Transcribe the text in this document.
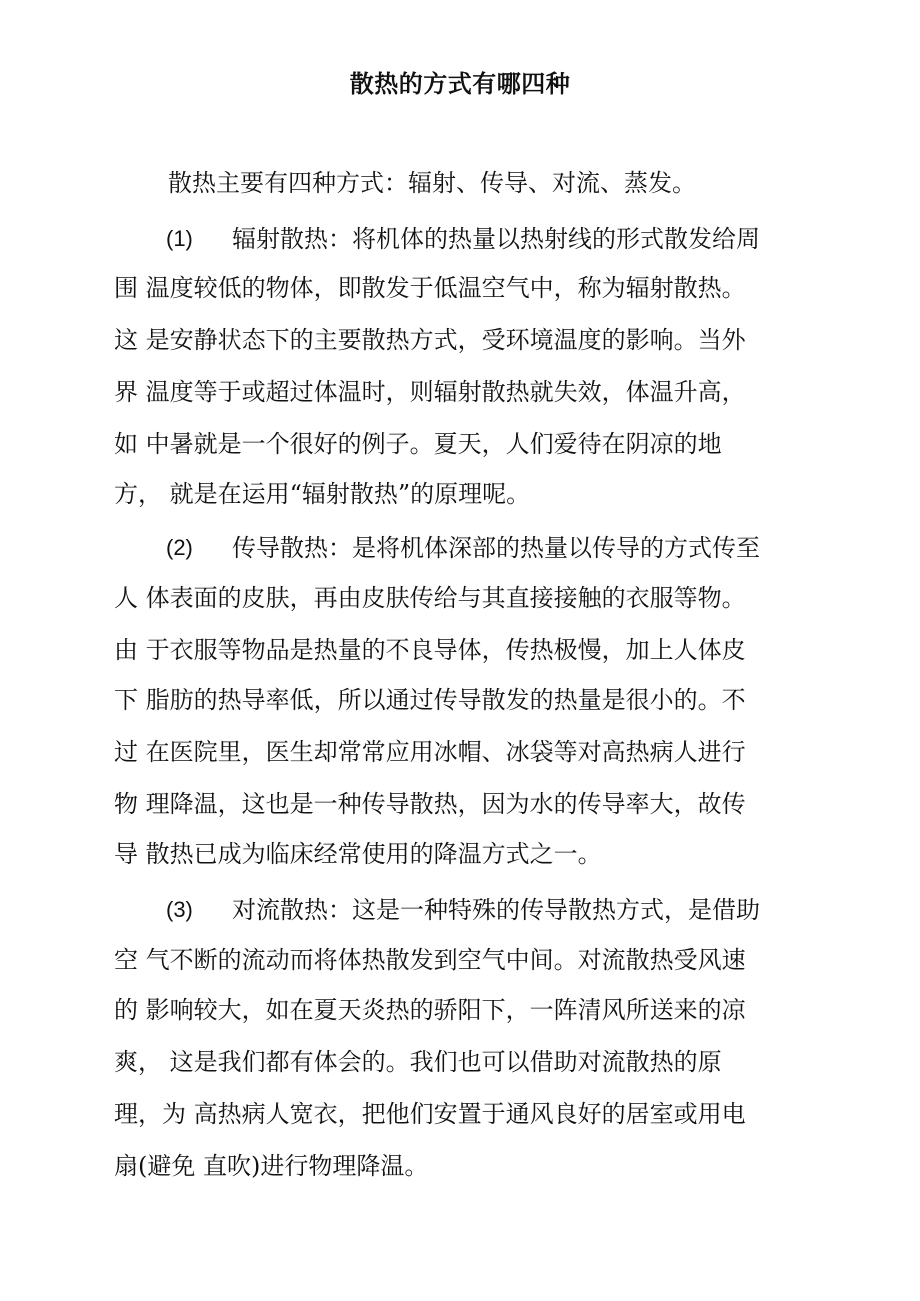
散热的方式有哪四种
散热主要有四种方式：辐射、传导、对流、蒸发。
(1) 辐射散热：将机体的热量以热射线的形式散发给周
围 温度较低的物体，即散发于低温空气中，称为辐射散热。
这 是安静状态下的主要散热方式，受环境温度的影响。当外
界 温度等于或超过体温时，则辐射散热就失效，体温升高，
如 中暑就是一个很好的例子。夏天，人们爱待在阴凉的地
方， 就是在运用“辐射散热”的原理呢。
(2) 传导散热：是将机体深部的热量以传导的方式传至
人 体表面的皮肤，再由皮肤传给与其直接接触的衣服等物。
由 于衣服等物品是热量的不良导体，传热极慢，加上人体皮
下 脂肪的热导率低，所以通过传导散发的热量是很小的。不
过 在医院里，医生却常常应用冰帽、冰袋等对高热病人进行
物 理降温，这也是一种传导散热，因为水的传导率大，故传
导 散热已成为临床经常使用的降温方式之一。
(3) 对流散热：这是一种特殊的传导散热方式，是借助
空 气不断的流动而将体热散发到空气中间。对流散热受风速
的 影响较大，如在夏天炎热的骄阳下，一阵清风所送来的凉
爽， 这是我们都有体会的。我们也可以借助对流散热的原
理，为 高热病人宽衣，把他们安置于通风良好的居室或用电
扇(避免 直吹)进行物理降温。
